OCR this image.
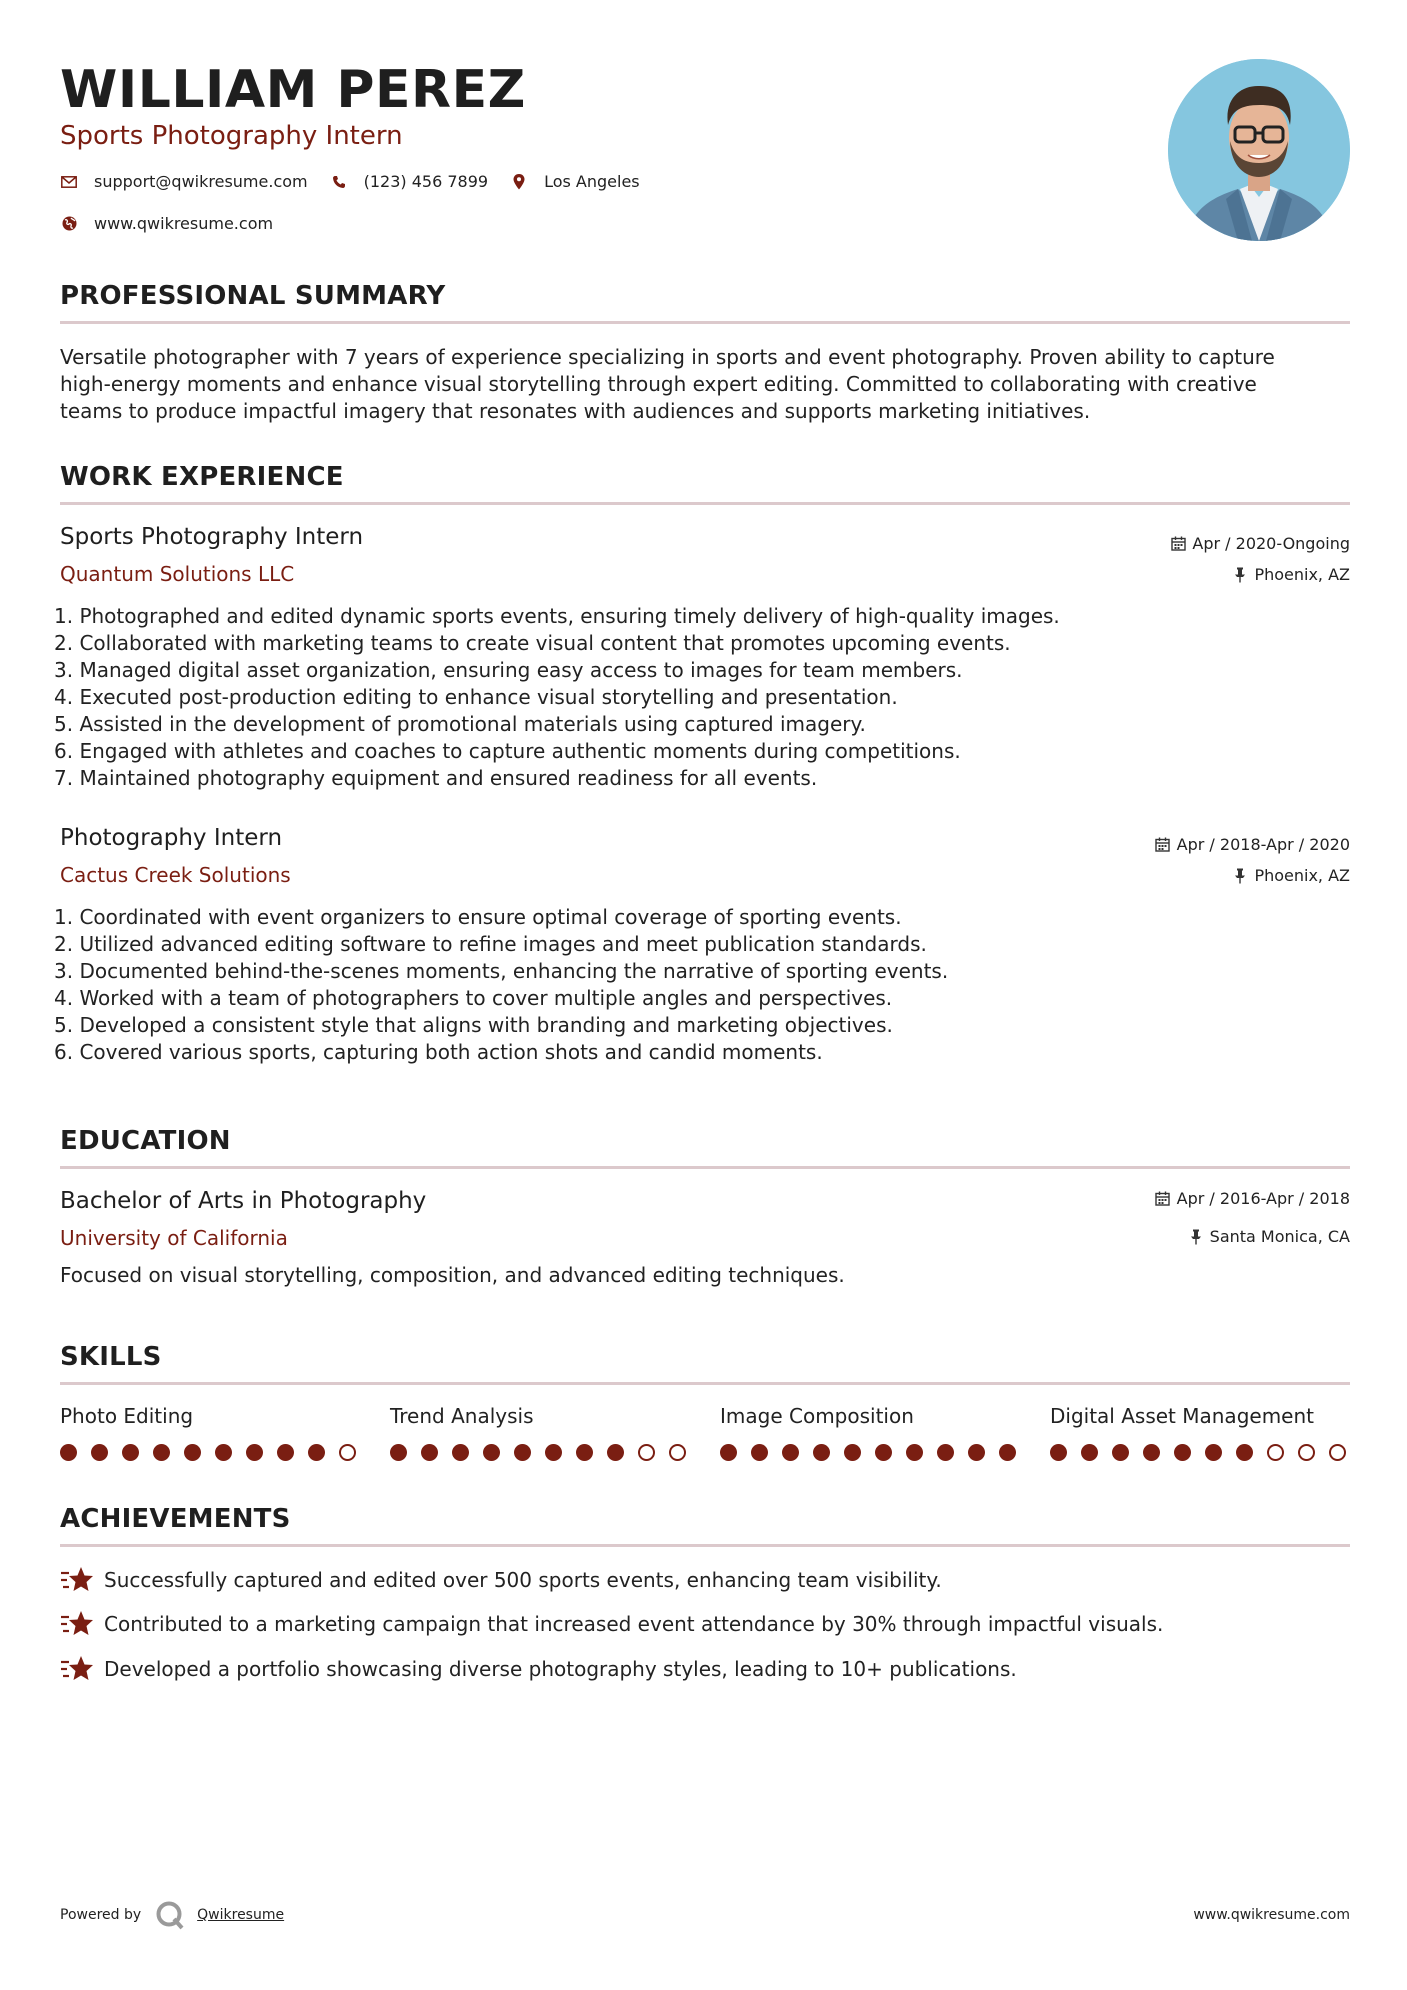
WILLIAM PEREZ
Sports Photography Intern
support@qwikresume.com	(123) 456 7899	Los Angeles
www.qwikresume.com
PROFESSIONAL SUMMARY
Versatile photographer with 7 years of experience specializing in sports and event photography. Proven ability to capture
high-energy moments and enhance visual storytelling through expert editing. Committed to collaborating with creative
teams to produce impactful imagery that resonates with audiences and supports marketing initiatives.
WORK EXPERIENCE
Sports Photography Intern
Quantum Solutions LLC
Apr / 2020-Ongoing
Phoenix, AZ
1. Photographed and edited dynamic sports events, ensuring timely delivery of high-quality images.
2. Collaborated with marketing teams to create visual content that promotes upcoming events.
3. Managed digital asset organization, ensuring easy access to images for team members.
4. Executed post-production editing to enhance visual storytelling and presentation.
5. Assisted in the development of promotional materials using captured imagery.
6. Engaged with athletes and coaches to capture authentic moments during competitions.
7. Maintained photography equipment and ensured readiness for all events.
Photography Intern
Cactus Creek Solutions
Apr / 2018-Apr / 2020
Phoenix, AZ
1. Coordinated with event organizers to ensure optimal coverage of sporting events.
2. Utilized advanced editing software to refine images and meet publication standards.
3. Documented behind-the-scenes moments, enhancing the narrative of sporting events.
4. Worked with a team of photographers to cover multiple angles and perspectives.
5. Developed a consistent style that aligns with branding and marketing objectives.
6. Covered various sports, capturing both action shots and candid moments.
EDUCATION
Bachelor of Arts in Photography
University of California
Apr / 2016-Apr / 2018
Santa Monica, CA
Focused on visual storytelling, composition, and advanced editing techniques.
SKILLS
Photo Editing	Trend Analysis	Image Composition	Digital Asset Management
ACHIEVEMENTS
Successfully captured and edited over 500 sports events, enhancing team visibility.
Contributed to a marketing campaign that increased event attendance by 30% through impactful visuals.
Developed a portfolio showcasing diverse photography styles, leading to 10+ publications.
Powered by	Qwikresume	www.qwikresume.com
